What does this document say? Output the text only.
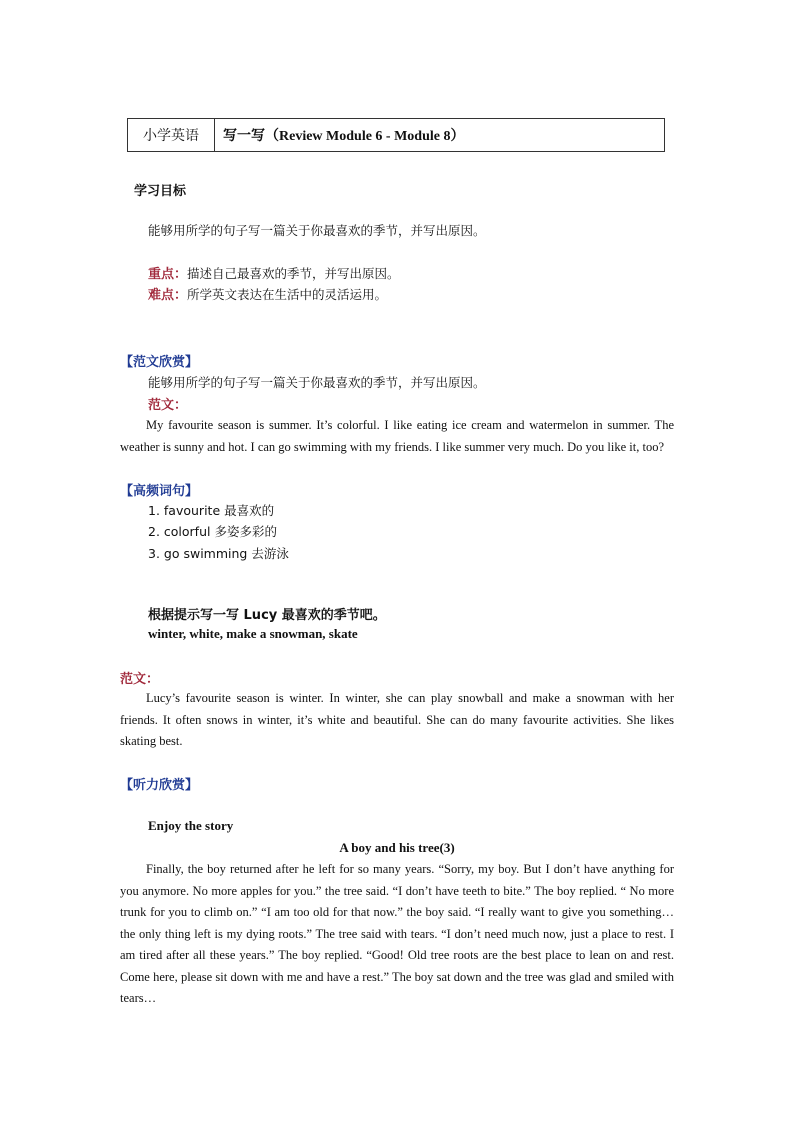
小学英语	写一写（Review Module 6 - Module 8）
学习目标
能够用所学的句子写一篇关于你最喜欢的季节，并写出原因。
重点：描述自己最喜欢的季节，并写出原因。
难点：所学英文表达在生活中的灵活运用。
【范文欣赏】
能够用所学的句子写一篇关于你最喜欢的季节，并写出原因。
范文：
My favourite season is summer. It’s colorful. I like eating ice cream and watermelon in summer. The weather is sunny and hot. I can go swimming with my friends. I like summer very much. Do you like it, too?
【高频词句】
1. favourite 最喜欢的
2. colorful 多姿多彩的
3. go swimming 去游泳
根据提示写一写 Lucy 最喜欢的季节吧。
winter, white, make a snowman, skate
范文：
Lucy’s favourite season is winter. In winter, she can play snowball and make a snowman with her friends. It often snows in winter, it’s white and beautiful. She can do many favourite activities. She likes skating best.
【听力欣赏】
Enjoy the story
A boy and his tree(3)
Finally, the boy returned after he left for so many years. “Sorry, my boy. But I don’t have anything for you anymore. No more apples for you.” the tree said. “I don’t have teeth to bite.” The boy replied. “ No more trunk for you to climb on.” “I am too old for that now.” the boy said. “I really want to give you something…the only thing left is my dying roots.” The tree said with tears. “I don’t need much now, just a place to rest. I am tired after all these years.” The boy replied. “Good! Old tree roots are the best place to lean on and rest. Come here, please sit down with me and have a rest.” The boy sat down and the tree was glad and smiled with tears…
